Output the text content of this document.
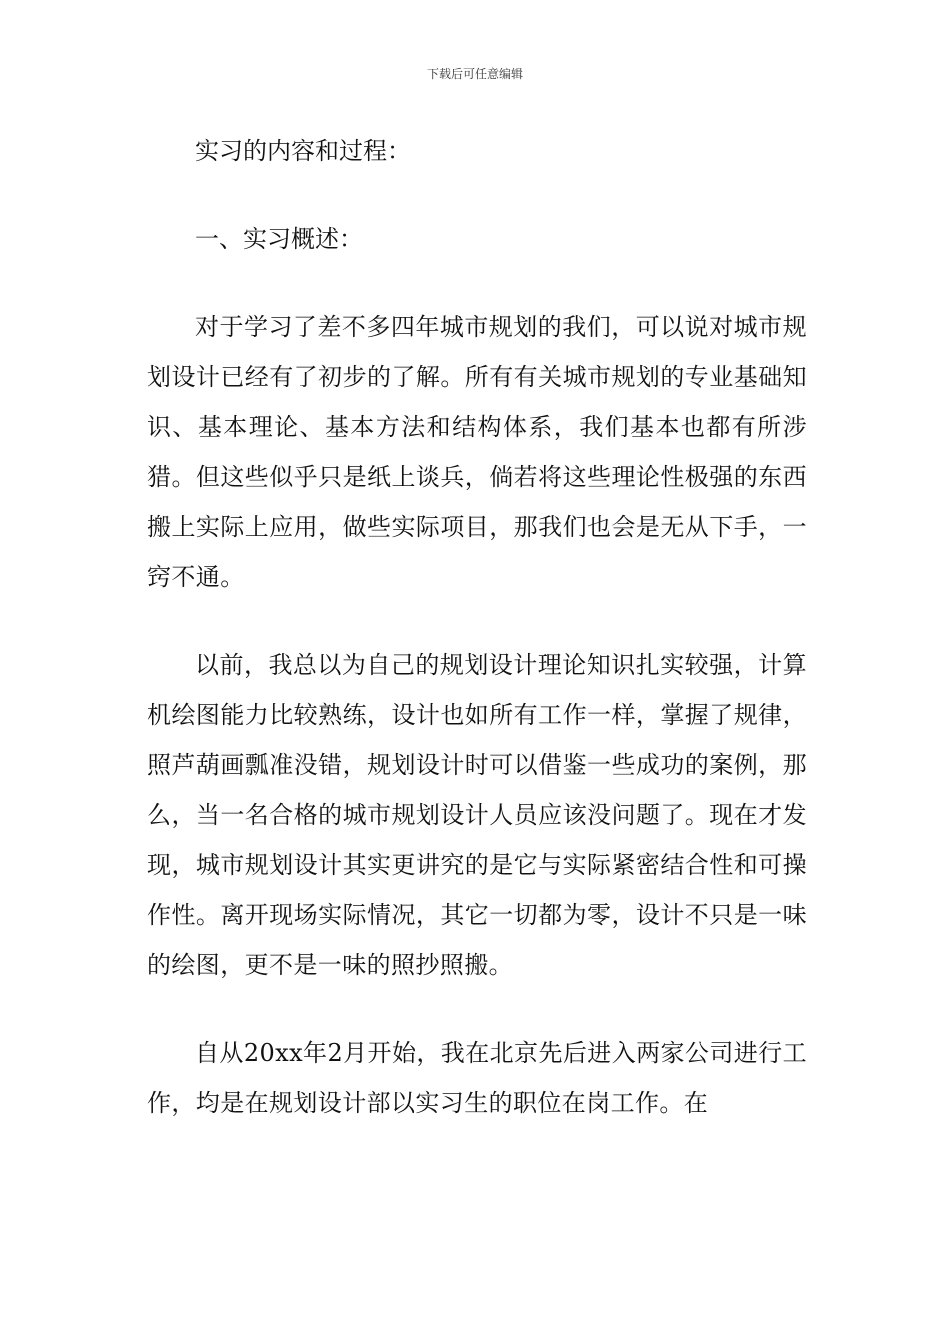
下载后可任意编辑

实习的内容和过程：

一、实习概述：

对于学习了差不多四年城市规划的我们，可以说对城市规划设计已经有了初步的了解。所有有关城市规划的专业基础知识、基本理论、基本方法和结构体系，我们基本也都有所涉猎。但这些似乎只是纸上谈兵，倘若将这些理论性极强的东西搬上实际上应用，做些实际项目，那我们也会是无从下手，一窍不通。

以前，我总以为自己的规划设计理论知识扎实较强，计算机绘图能力比较熟练，设计也如所有工作一样，掌握了规律，照芦葫画瓢准没错，规划设计时可以借鉴一些成功的案例，那么，当一名合格的城市规划设计人员应该没问题了。现在才发现，城市规划设计其实更讲究的是它与实际紧密结合性和可操作性。离开现场实际情况，其它一切都为零，设计不只是一味的绘图，更不是一味的照抄照搬。

自从20xx年2月开始，我在北京先后进入两家公司进行工作，均是在规划设计部以实习生的职位在岗工作。在
